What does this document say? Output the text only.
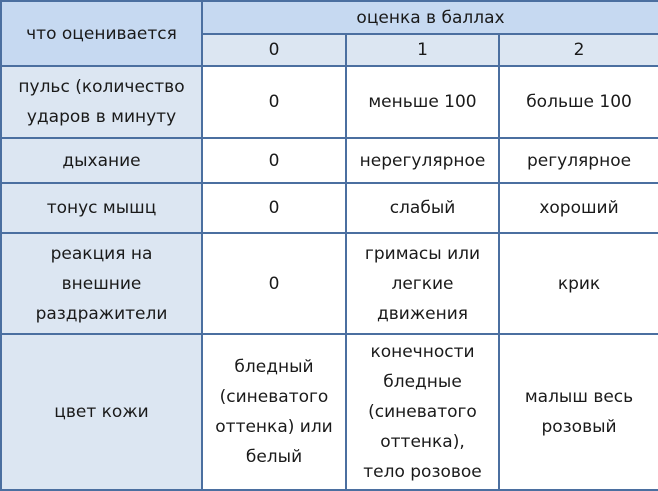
что оценивается	оценка в баллах		
	0	1	2
пульс (количество ударов в минуту	0	меньше 100	больше 100
дыхание	0	нерегулярное	регулярное
тонус мышц	0	слабый	хороший
реакция на внешние раздражители	0	гримасы или легкие движения	крик
цвет кожи	бледный (синеватого оттенка) или белый	конечности бледные (синеватого оттенка), тело розовое	малыш весь розовый
